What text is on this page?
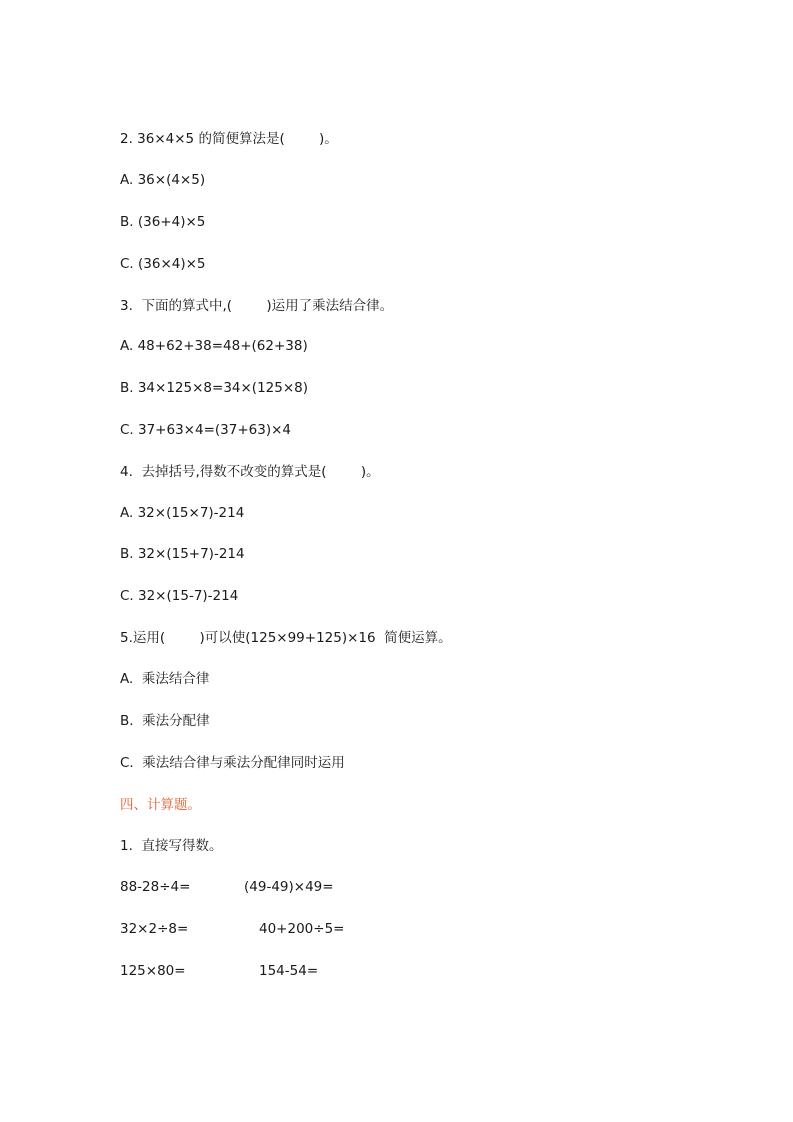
2. 36×4×5 的简便算法是(        )。
A. 36×(4×5)
B. (36+4)×5
C. (36×4)×5
3.  下面的算式中,(        )运用了乘法结合律。
A. 48+62+38=48+(62+38)
B. 34×125×8=34×(125×8)
C. 37+63×4=(37+63)×4
4.  去掉括号,得数不改变的算式是(        )。
A. 32×(15×7)-214
B. 32×(15+7)-214
C. 32×(15-7)-214
5.运用(        )可以使(125×99+125)×16  简便运算。
A.  乘法结合律
B.  乘法分配律
C.  乘法结合律与乘法分配律同时运用
四、计算题。
1.  直接写得数。
88-28÷4=	(49-49)×49=
32×2÷8=	40+200÷5=
125×80=	154-54=
